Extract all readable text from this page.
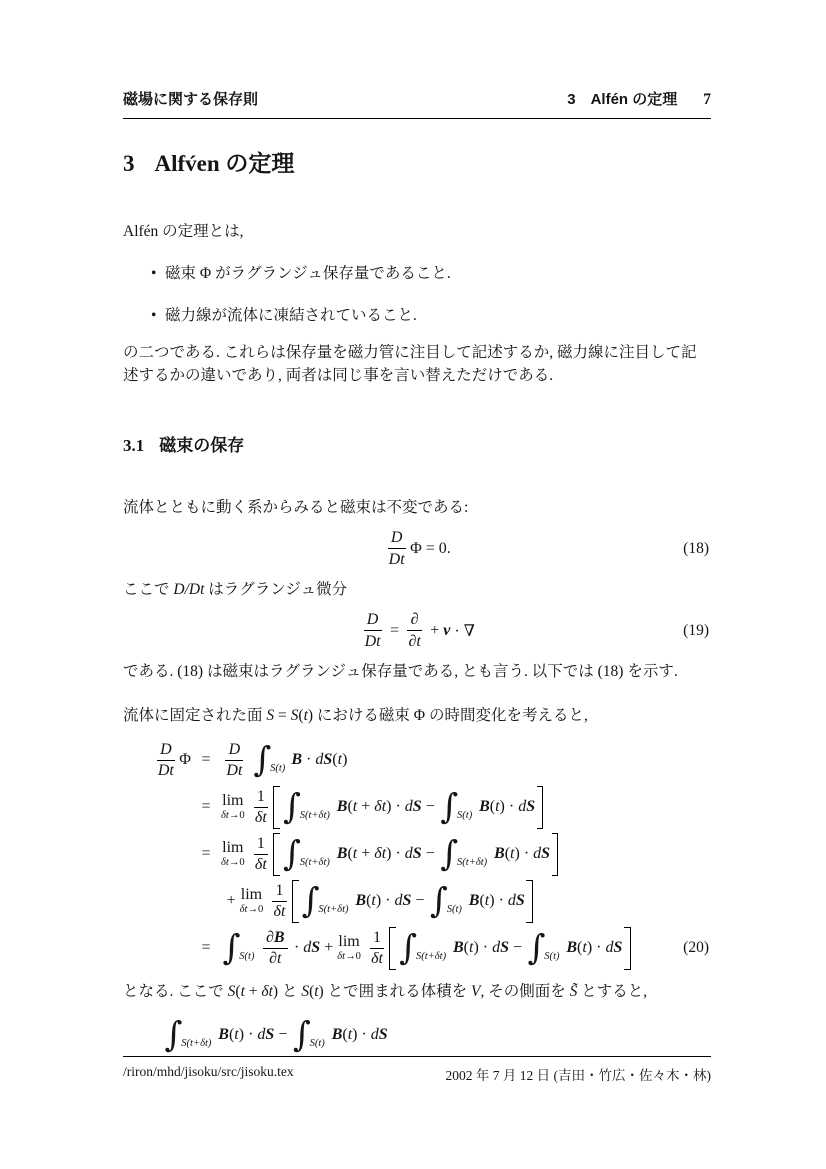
磁場に関する保存則	3　Alfén の定理 7
3 Alfv́en の定理

Alfén の定理とは,

• 磁束 Φ がラグランジュ保存量であること.
• 磁力線が流体に凍結されていること.

の二つである. これらは保存量を磁力管に注目して記述するか, 磁力線に注目して記述するかの違いであり, 両者は同じ事を言い替えただけである.

3.1 磁束の保存

流体とともに動く系からみると磁束は不変である:

D
Dt
Φ = 0.	(18)

ここで D/Dt はラグランジュ微分

$\frac{D}{Dt}$ =
∂
∂ t
+ v · ∇	(19)

である. (18) は磁束はラグランジュ保存量である, とも言う. 以下では (18) を示す.

流体に固定された面 S = S(t) における磁束 Φ の時間変化を考えると,

D
Dt
Φ =
D
Dt ∫
S(t)
B · d S ( t )
= lim
δt→0
1
δt ∫
S(t+δt)
B ( t + δt ) · d S − ∫
S(t)
B ( t ) · d S
= lim
δt→0
1
δt ∫
S(t+δt)
B ( t + δt ) · d S − ∫
S(t+δt)
B ( t ) · d S
+ lim
δt→0
1
δt ∫
S(t+δt)
B ( t ) · d S − ∫
S(t)
B ( t ) · d S
= ∫
S(t)
∂ B
∂ t
· d S + lim
δt→0
1
δt ∫
S(t+δt)
B ( t ) · d S − ∫
S(t)
B ( t ) · d S	(20)

となる. ここで S(t + δt) と S(t) とで囲まれる体積を V, その側面を S̃ とすると,

∫
S(t+δt)
B ( t ) · d S − ∫
S(t)
B ( t ) · d S
/riron/mhd/jisoku/src/jisoku.tex	2002 年 7 月 12 日 (吉田・竹広・佐々木・林)
